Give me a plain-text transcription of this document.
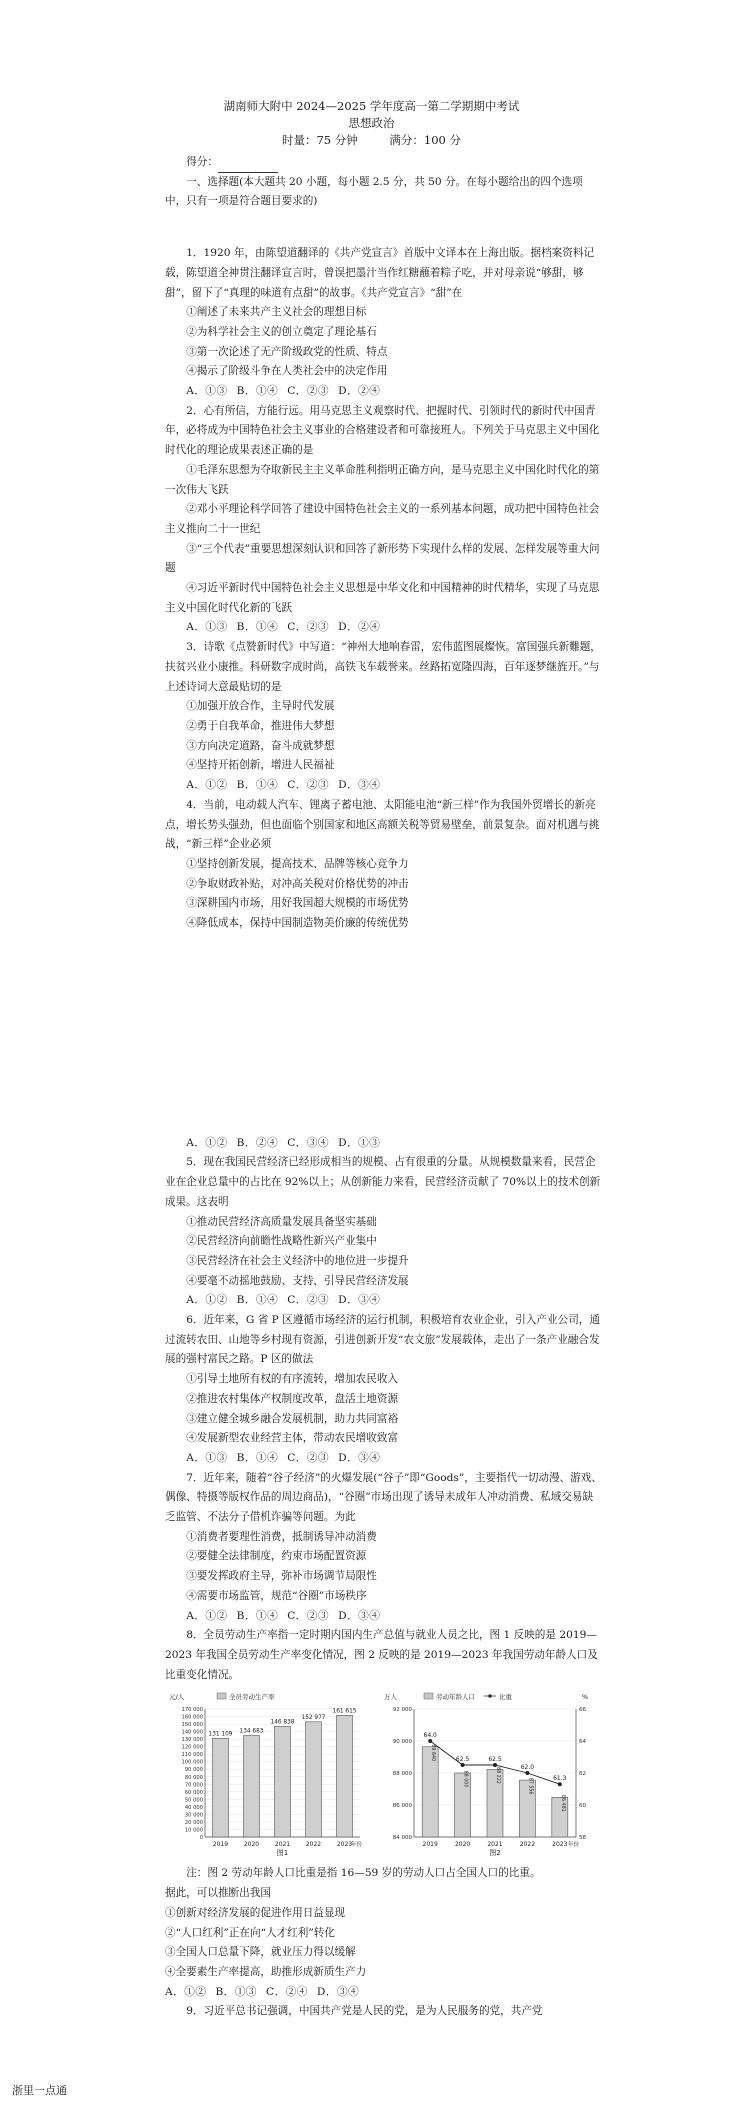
湖南师大附中 2024—2025 学年度高一第二学期期中考试
思想政治
时量：75 分钟	满分：100 分
得分：

一、选择题(本大题共 20 小题，每小题 2.5 分，共 50 分。在每小题给出的四个选项中，只有一项是符合题目要求的)

1．1920 年，由陈望道翻译的《共产党宣言》首版中文译本在上海出版。据档案资料记载，陈望道全神贯注翻译宣言时，曾误把墨汁当作红糖蘸着粽子吃，并对母亲说“够甜，够甜”，留下了“真理的味道有点甜”的故事。《共产党宣言》“甜”在

①阐述了未来共产主义社会的理想目标

②为科学社会主义的创立奠定了理论基石

③第一次论述了无产阶级政党的性质、特点

④揭示了阶级斗争在人类社会中的决定作用

A．①③ B．①④ C．②③ D．②④

2．心有所信，方能行远。用马克思主义观察时代、把握时代、引领时代的新时代中国青年，必将成为中国特色社会主义事业的合格建设者和可靠接班人。下列关于马克思主义中国化时代化的理论成果表述正确的是

①毛泽东思想为夺取新民主主义革命胜利指明正确方向，是马克思主义中国化时代化的第一次伟大飞跃

②邓小平理论科学回答了建设中国特色社会主义的一系列基本问题，成功把中国特色社会主义推向二十一世纪

③“三个代表”重要思想深刻认识和回答了新形势下实现什么样的发展、怎样发展等重大问题

④习近平新时代中国特色社会主义思想是中华文化和中国精神的时代精华，实现了马克思主义中国化时代化新的飞跃

A．①③ B．①④ C．②③ D．②④

3．诗歌《点赞新时代》中写道：“神州大地响春雷，宏伟蓝图展燦恢。富国强兵新難题，扶贫兴业小康推。科研数字成时尚，高铁飞车载誉来。丝路拓宽隆四海，百年逐梦继旌开。”与上述诗词大意最贴切的是

①加强开放合作，主导时代发展

②勇于自我革命，推进伟大梦想

③方向决定道路，奋斗成就梦想

④坚持开拓创新，增进人民福祉

A．①② B．①④ C．②③ D．③④

4．当前，电动载人汽车、锂离子蓄电池、太阳能电池“新三样”作为我国外贸增长的新亮点，增长势头强劲，但也面临个别国家和地区高额关税等贸易壁垒，前景复杂。面对机遇与挑战，“新三样”企业必须

①坚持创新发展，提高技术、品牌等核心竞争力

②争取财政补贴，对冲高关税对价格优势的冲击

③深耕国内市场，用好我国超大规模的市场优势

④降低成本，保持中国制造物美价廉的传统优势

A．①② B．②④ C．③④ D．①③

5．现在我国民营经济已经形成相当的规模、占有很重的分量。从规模数量来看，民营企业在企业总量中的占比在 92%以上；从创新能力来看，民营经济贡献了 70%以上的技术创新成果。这表明

①推动民营经济高质量发展具备坚实基础

②民营经济向前瞻性战略性新兴产业集中

③民营经济在社会主义经济中的地位进一步提升

④要毫不动摇地鼓励、支持、引导民营经济发展

A．①② B．①④ C．②③ D．③④

6．近年来，G 省 P 区遵循市场经济的运行机制，积极培育农业企业，引入产业公司，通过流转农田、山地等乡村现有资源，引进创新开发“农文旅”发展载体，走出了一条产业融合发展的强村富民之路。P 区的做法

①引导土地所有权的有序流转，增加农民收入

②推进农村集体产权制度改革，盘活土地资源

③建立健全城乡融合发展机制，助力共同富裕

④发展新型农业经营主体，带动农民增收致富

A．①③ B．①④ C．②③ D．③④

7．近年来，随着“谷子经济”的火爆发展(“谷子”即“Goods”，主要指代一切动漫、游戏、偶像、特摄等版权作品的周边商品)，“谷圈”市场出现了诱导未成年人冲动消费、私域交易缺乏监管、不法分子借机诈骗等问题。为此

①消费者要理性消费，抵制诱导冲动消费

②要健全法律制度，约束市场配置资源

③要发挥政府主导，弥补市场调节局限性

④需要市场监管，规范“谷圈”市场秩序

A．①② B．①④ C．②③ D．③④

8．全员劳动生产率指一定时期内国内生产总值与就业人员之比，图 1 反映的是 2019—2023 年我国全员劳动生产率变化情况，图 2 反映的是 2019—2023 年我国劳动年龄人口及比重变化情况。

元/人	全员劳动生产率
0
10 000
20 000
30 000
40 000
50 000
60 000
70 000
80 000
90 000
100 000
110 000
120 000
130 000
140 000
150 000
160 000
170 000
131 109
2019
134 683
2020
146 838
2021
152 977
2022
161 615
2023
年份
图1
万人	%
劳动年龄人口	比重
84 000
86 000
88 000
90 000
92 000
58
60
62
64
66
89 640
2019
88 000
2020
88 222
2021
87 556
2022
86 481
2023
64.0
62.5	62.5
62.0
61.3
年份
图2

注：图 2 劳动年龄人口比重是指 16—59 岁的劳动人口占全国人口的比重。

据此，可以推断出我国

①创新对经济发展的促进作用日益显现

②“人口红利”正在向“人才红利”转化

③全国人口总量下降，就业压力得以缓解

④全要素生产率提高，助推形成新质生产力

A．①② B．①③ C．②④ D．③④

9．习近平总书记强调，中国共产党是人民的党，是为人民服务的党，共产党

浙里一点通
